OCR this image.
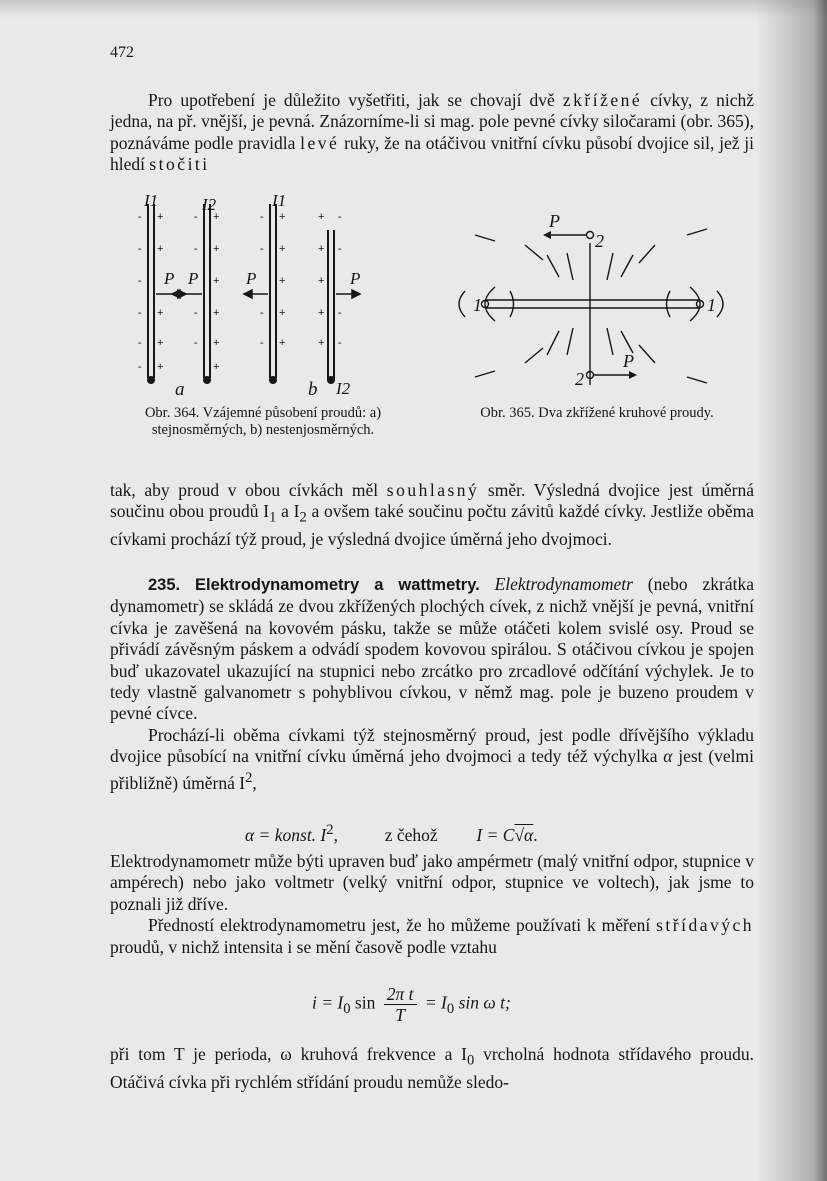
472

Pro upotřebení je důležito vyšetřiti, jak se chovají dvě zkřížené cívky, z nichž jedna, na př. vnější, je pevná. Znázorníme-li si mag. pole pevné cívky siločarami (obr. 365), poznáváme podle pravidla levé ruky, že na otáčivou vnitřní cívku působí dvojice sil, jež ji hledí stočiti

I1	I2	I1
I2
P P	P	P
a	b
- +
- +
-
- +
- +
- +
- +
- +
+
- +
- +
+
- +
- +
+
- +
- +
+ -
+ -
+
+ -
+ -
P
2
1	1
2
P
Obr. 364. Vzájemné působení proudů: a) stejnosměrných, b) nestenjosměrných.
Obr. 365. Dva zkřížené kruhové proudy.

tak, aby proud v obou cívkách měl souhlasný směr. Výsledná dvojice jest úměrná součinu obou proudů $I_1$ a $I_2$ a ovšem také součinu počtu závitů každé cívky. Jestliže oběma cívkami prochází týž proud, je výsledná dvojice úměrná jeho dvojmoci.

235. Elektrodynamometry a wattmetry. Elektrodynamometr (nebo zkrátka dynamometr) se skládá ze dvou zkřížených plochých cívek, z nichž vnější je pevná, vnitřní cívka je zavěšená na kovovém pásku, takže se může otáčeti kolem svislé osy. Proud se přivádí závěsným páskem a odvádí spodem kovovou spirálou. S otáčivou cívkou je spojen buď ukazovatel ukazující na stupnici nebo zrcátko pro zrcadlové odčítání výchylek. Je to tedy vlastně galvanometr s pohyblivou cívkou, v němž mag. pole je buzeno proudem v pevné cívce.

Prochází-li oběma cívkami týž stejnosměrný proud, jest podle dřívějšího výkladu dvojice působící na vnitřní cívku úměrná jeho dvojmoci a tedy též výchylka α jest (velmi přibližně) úměrná $I^2$,

α = konst. $I^2$,	z čehož I = C√α.

Elektrodynamometr může býti upraven buď jako ampérmetr (malý vnitřní odpor, stupnice v ampérech) nebo jako voltmetr (velký vnitřní odpor, stupnice ve voltech), jak jsme to poznali již dříve.

Předností elektrodynamometru jest, že ho můžeme používati k měření střídavých proudů, v nichž intensita i se mění časově podle vztahu

$i = I_0$ $\sin \frac{\text{2π t}}{T} = I_0$ sin ω t;

při tom T je perioda, ω kruhová frekvence a $I_0$ vrcholná hodnota střídavého proudu. Otáčivá cívka při rychlém střídání proudu nemůže sledo-
